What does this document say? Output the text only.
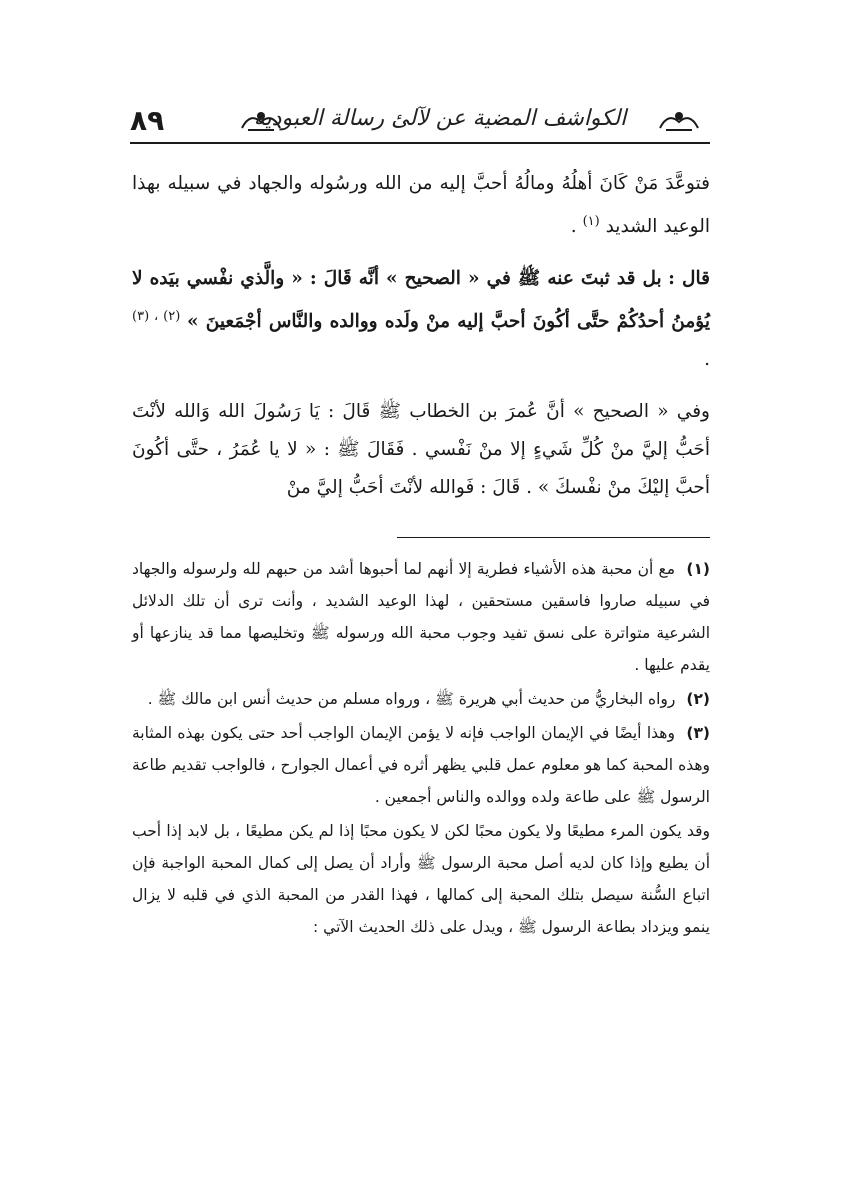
٨٩	الكواشف المضية عن لآلئ رسالة العبودية

فتوعَّدَ مَنْ كَانَ أهلُهُ ومالُهُ أحبَّ إليه من الله ورسُوله والجهاد في سبيله بهذا الوعيد الشديد $^{(١)}$ .

قال : بل قد ثبتَ عنه ﷺ في « الصحيح » أنَّه قَالَ : « والَّذي نفْسي بيَده لا يُؤمنُ أحدُكُمْ حتَّى أكُونَ أحبَّ إليه منْ ولَده ووالده والنَّاس أجْمَعينَ » $^{(٢) ، (٣)}$ .

وفي « الصحيح » أنَّ عُمرَ بن الخطاب ﷺ قَالَ : يَا رَسُولَ الله وَالله لأنْتَ أحَبُّ إليَّ منْ كُلِّ شَيءٍ إلا منْ نَفْسي . فَقَالَ ﷺ : « لا يا عُمَرُ ، حتَّى أكُونَ أحبَّ إليْكَ منْ نفْسكَ » . قَالَ : فَوالله لأنْتَ أحَبُّ إليَّ منْ

(١) مع أن محبة هذه الأشياء فطرية إلا أنهم لما أحبوها أشد من حبهم لله ولرسوله والجهاد في سبيله صاروا فاسقين مستحقين ، لهذا الوعيد الشديد ، وأنت ترى أن تلك الدلائل الشرعية متواترة على نسق تفيد وجوب محبة الله ورسوله ﷺ وتخليصها مما قد ينازعها أو يقدم عليها .

(٢) رواه البخاريُّ من حديث أبي هريرة ﷺ ، ورواه مسلم من حديث أنس ابن مالك ﷺ .

(٣) وهذا أيضًا في الإيمان الواجب فإنه لا يؤمن الإيمان الواجب أحد حتى يكون بهذه المثابة وهذه المحبة كما هو معلوم عمل قلبي يظهر أثره في أعمال الجوارح ، فالواجب تقديم طاعة الرسول ﷺ على طاعة ولده ووالده والناس أجمعين .

وقد يكون المرء مطيعًا ولا يكون محبًا لكن لا يكون محبًا إذا لم يكن مطيعًا ، بل لابد إذا أحب أن يطيع وإذا كان لديه أصل محبة الرسول ﷺ وأراد أن يصل إلى كمال المحبة الواجبة فإن اتباع السُّنة سيصل بتلك المحبة إلى كمالها ، فهذا القدر من المحبة الذي في قلبه لا يزال ينمو ويزداد بطاعة الرسول ﷺ ، ويدل على ذلك الحديث الآتي :
